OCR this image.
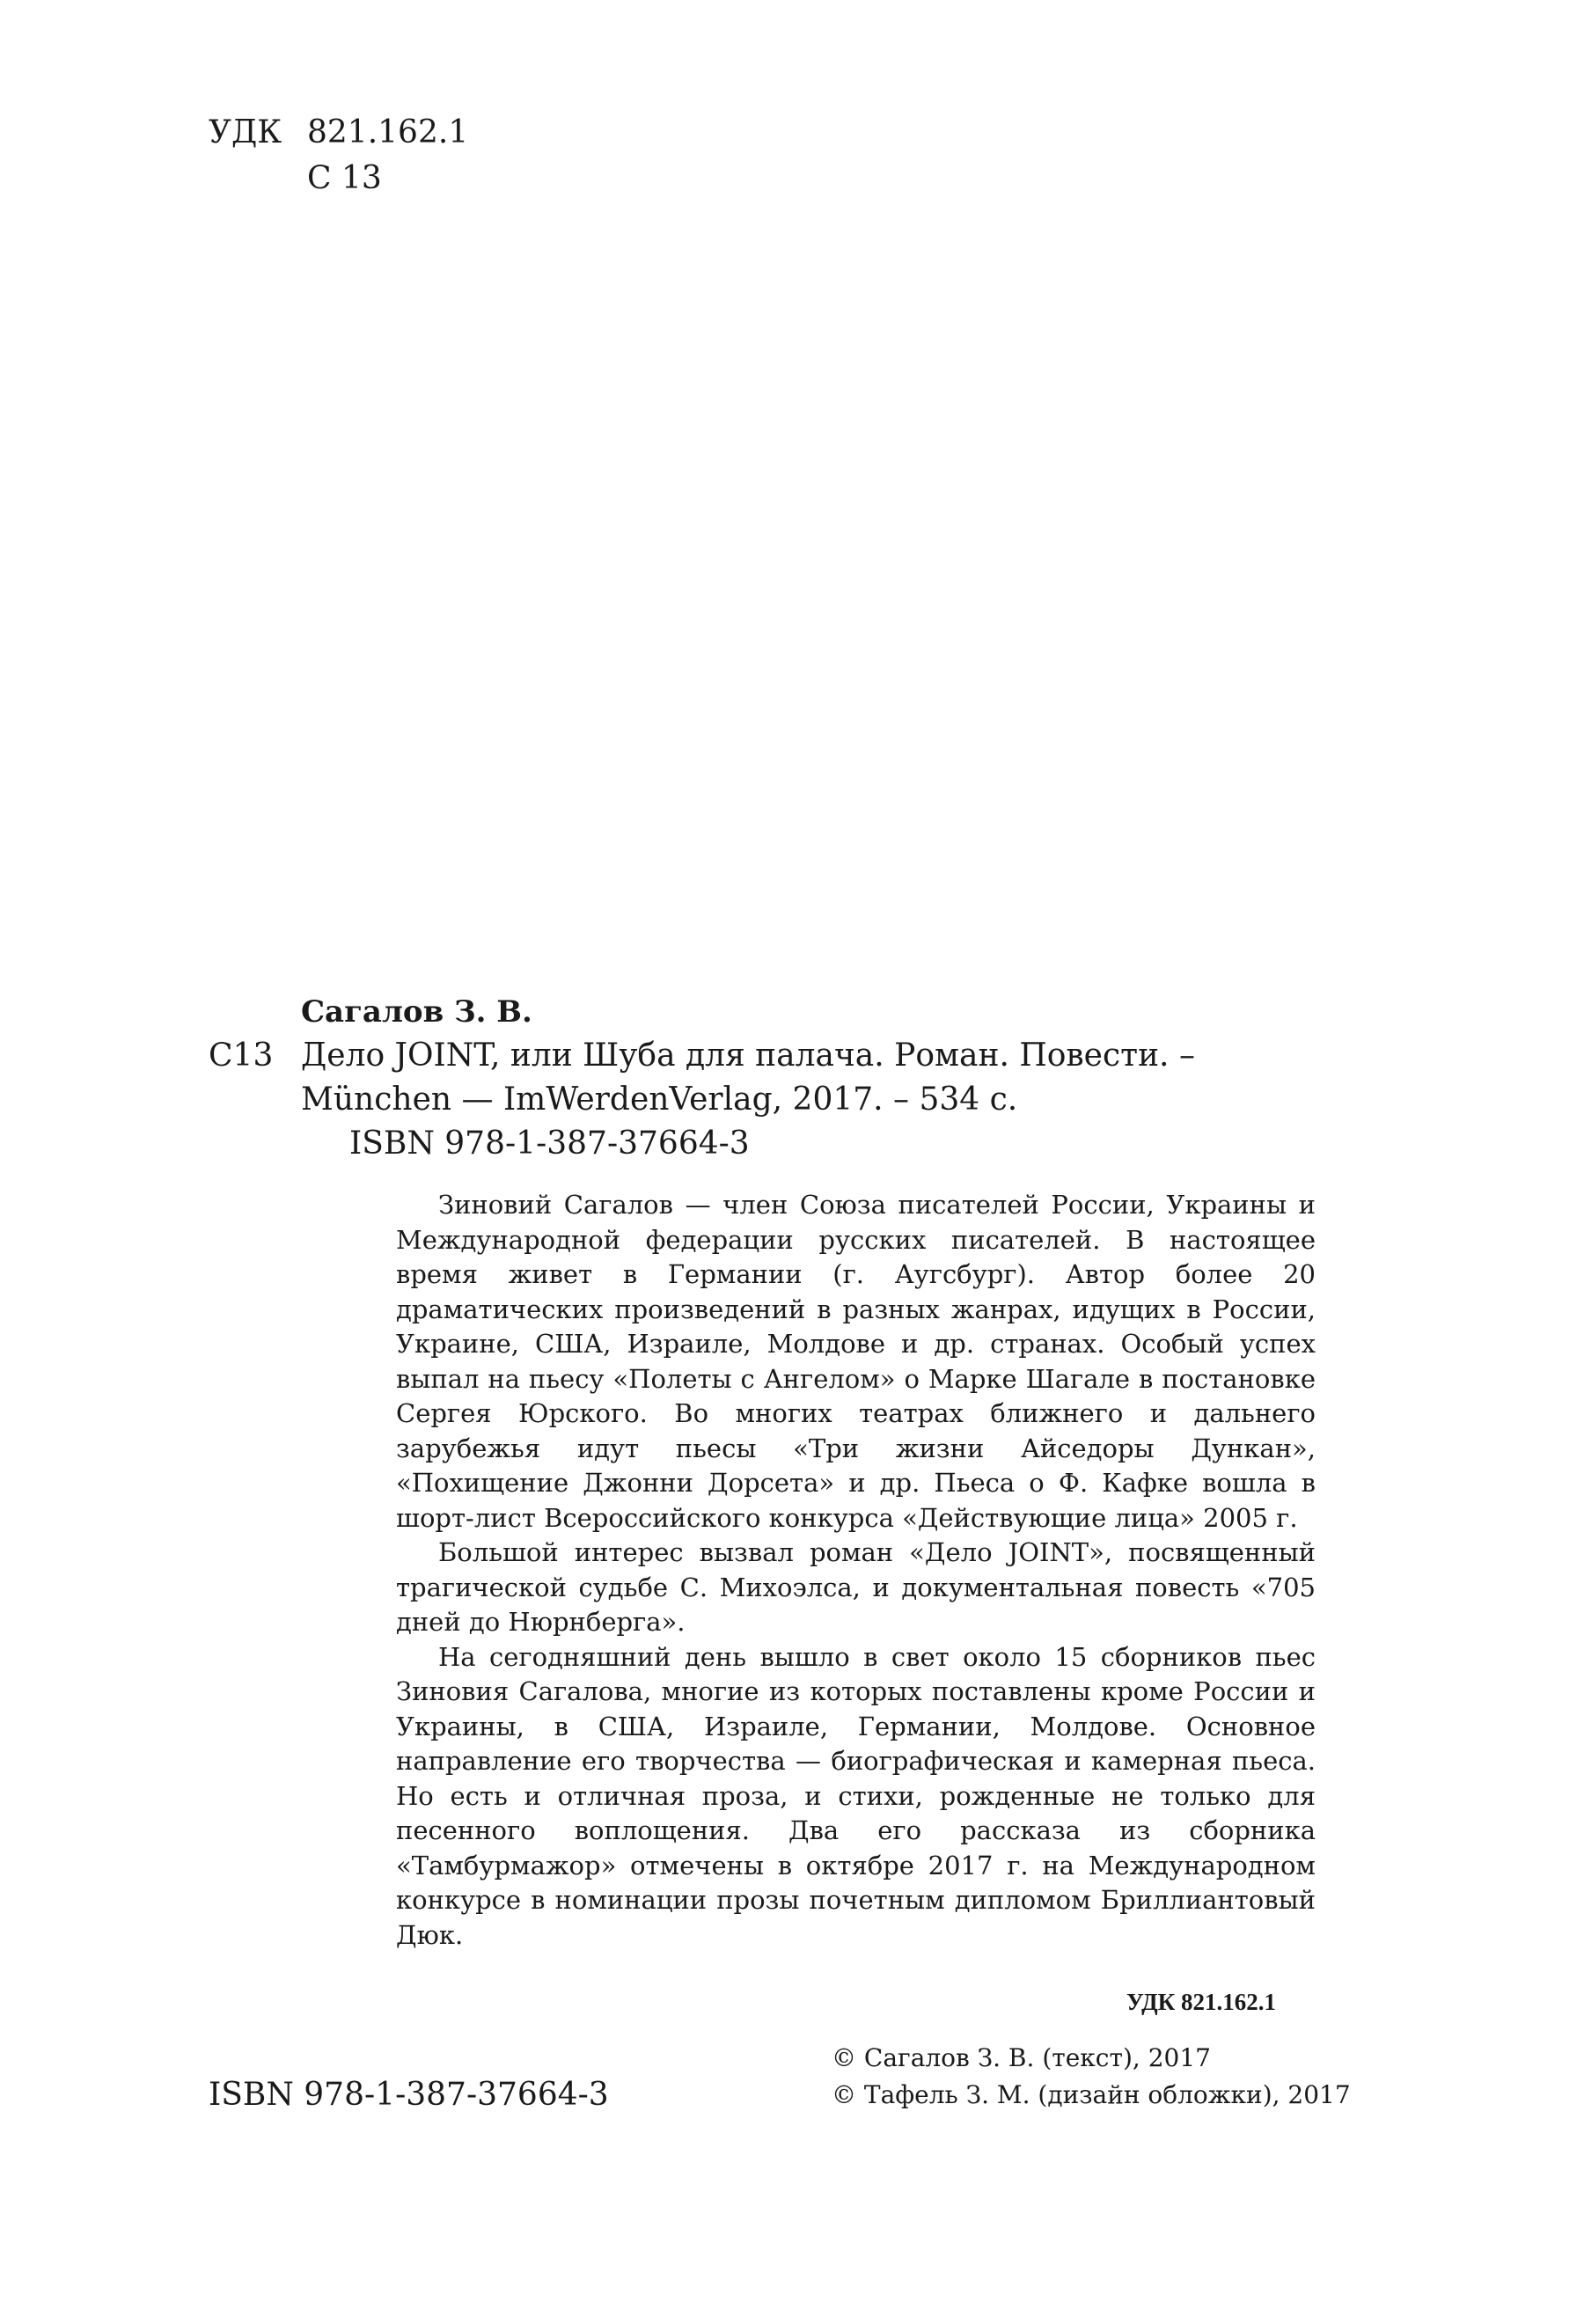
УДК 821.162.1
С 13
Сагалов З. В.
С13 Дело JOINT, или Шуба для палача. Роман. Повести. –
München — ImWerdenVerlag, 2017. – 534 с.
ISBN 978-1-387-37664-3

Зиновий Сагалов — член Союза писателей России, Украины и Международной федерации русских писателей. В настоящее время живет в Германии (г. Аугсбург). Автор более 20 драматических произведений в разных жанрах, идущих в России, Украине, США, Израиле, Молдове и др. странах. Особый успех выпал на пьесу «Полеты с Ангелом» о Марке Шагале в постановке Сергея Юрского. Во многих театрах ближнего и дальнего зарубежья идут пьесы «Три жизни Айседоры Дункан», «Похищение Джонни Дорсета» и др. Пьеса о Ф. Кафке вошла в шорт-лист Всероссийского конкурса «Действующие лица» 2005 г.

Большой интерес вызвал роман «Дело JOINT», посвященный трагической судьбе С. Михоэлса, и документальная повесть «705 дней до Нюрнберга».

На сегодняшний день вышло в свет около 15 сборников пьес Зиновия Сагалова, многие из которых поставлены кроме России и Украины, в США, Израиле, Германии, Молдове. Основное направление его творчества — биографическая и камерная пьеса. Но есть и отличная проза, и стихи, рожденные не только для песенного воплощения. Два его рассказа из сборника «Тамбурмажор» отмечены в октябре 2017 г. на Международном конкурсе в номинации прозы почетным дипломом Бриллиантовый Дюк.

УДК 821.162.1
ISBN 978-1-387-37664-3
© Сагалов З. В. (текст), 2017
© Тафель З. М. (дизайн обложки), 2017
